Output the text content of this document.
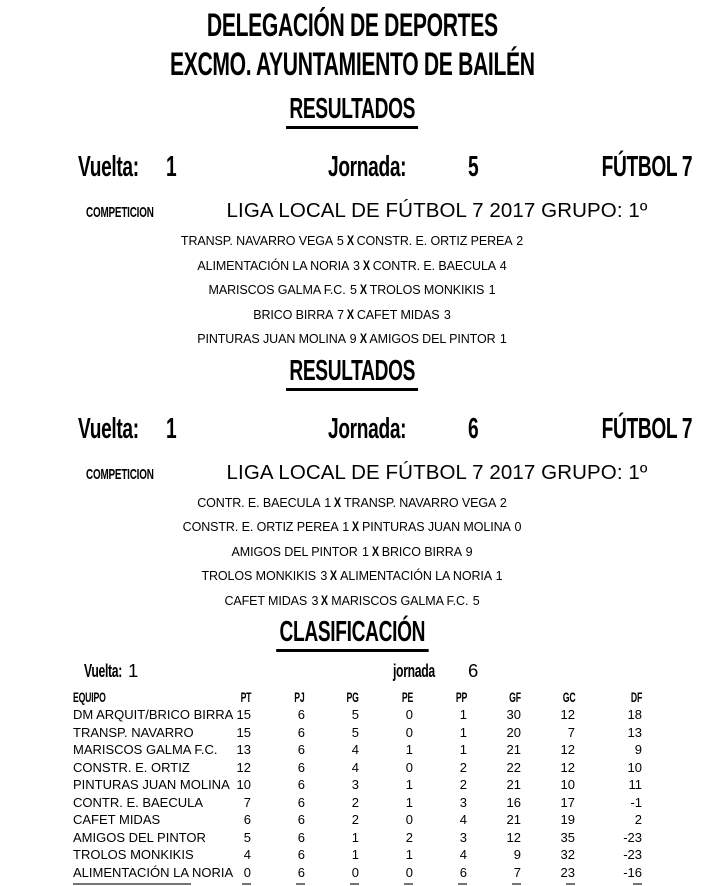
DELEGACIÓN DE DEPORTES
EXCMO. AYUNTAMIENTO DE BAILÉN
RESULTADOS
Vuelta: 1	Jornada: 5	FÚTBOL 7
COMPETICION	LIGA LOCAL DE FÚTBOL 7 2017 GRUPO: 1º
TRANSP. NAVARRO VEGA 5 X CONSTR. E. ORTIZ PEREA 2
ALIMENTACIÓN LA NORIA 3 X CONTR. E. BAECULA 4
MARISCOS GALMA F.C. 5 X TROLOS MONKIKIS 1
BRICO BIRRA 7 X CAFET MIDAS 3
PINTURAS JUAN MOLINA 9 X AMIGOS DEL PINTOR 1
RESULTADOS
Vuelta: 1	Jornada: 6	FÚTBOL 7
COMPETICION	LIGA LOCAL DE FÚTBOL 7 2017 GRUPO: 1º
CONTR. E. BAECULA 1 X TRANSP. NAVARRO VEGA 2
CONSTR. E. ORTIZ PEREA 1 X PINTURAS JUAN MOLINA 0
AMIGOS DEL PINTOR 1 X BRICO BIRRA 9
TROLOS MONKIKIS 3 X ALIMENTACIÓN LA NORIA 1
CAFET MIDAS 3 X MARISCOS GALMA F.C. 5
CLASIFICACIÓN
Vuelta: 1	jornada 6
EQUIPO	PT	PJ	PG	PE	PP	GF	GC	DF
DM ARQUIT/BRICO BIRRA 15	6	5	0	1	30	12	18
TRANSP. NAVARRO	15	6	5	0	1	20	7	13
MARISCOS GALMA F.C.	13	6	4	1	1	21	12	9
CONSTR. E. ORTIZ	12	6	4	0	2	22	12	10
PINTURAS JUAN MOLINA 10	6	3	1	2	21	10	11
CONTR. E. BAECULA	7	6	2	1	3	16	17	-1
CAFET MIDAS	6	6	2	0	4	21	19	2
AMIGOS DEL PINTOR	5	6	1	2	3	12	35	-23
TROLOS MONKIKIS	4	6	1	1	4	9	32	-23
ALIMENTACIÓN LA NORIA 0	6	0	0	6	7	23	-16
